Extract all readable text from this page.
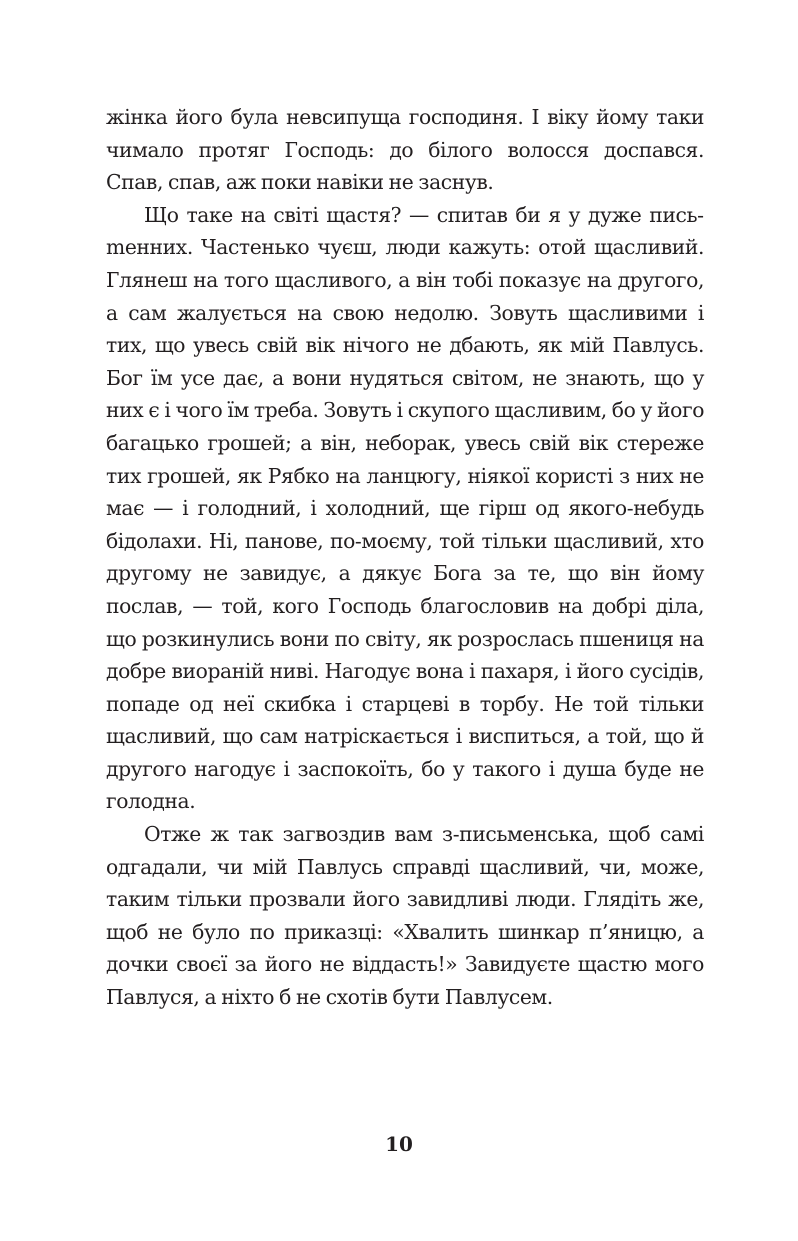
жінка його була невсипуща господиня. І віку йому таки чимало протяг Господь: до білого волосся доспався. Спав, спав, аж поки навіки не заснув.

Що таке на світі щастя? — спитав би я у дуже письmенних. Частенько чуєш, люди кажуть: отой щасливий. Глянеш на того щасливого, а він тобі показує на другого, а сам жалується на свою недолю. Зовуть щасливими і тих, що увесь свій вік нічого не дбають, як мій Павлусь. Бог їм усе дає, а вони нудяться світом, не знають, що у них є і чого їм треба. Зовуть і скупого щасливим, бо у його багацько грошей; а він, неборак, увесь свій вік стереже тих грошей, як Рябко на ланцюгу, ніякої користі з них не має — і голодний, і холодний, ще гірш од якого-небудь бідолахи. Ні, панове, по-моєму, той тільки щасливий, хто другому не завидує, а дякує Бога за те, що він йому послав, — той, кого Господь благословив на добрі діла, що розкинулись вони по світу, як розрослась пшениця на добре виораній ниві. Нагодує вона і пахаря, і його сусідів, попаде од неї скибка і старцеві в торбу. Не той тільки щасливий, що сам натріскається і виспиться, а той, що й другого нагодує і заспокоїть, бо у такого і душа буде не голодна.

Отже ж так загвоздив вам з-письменська, щоб самі одгадали, чи мій Павлусь справді щасливий, чи, може, таким тільки прозвали його завидливі люди. Глядіть же, щоб не було по приказці: «Хвалить шинкар п’яницю, а дочки своєї за його не віддасть!» Завидуєте щастю мого Павлуся, а ніхто б не схотів бути Павлусем.

10
